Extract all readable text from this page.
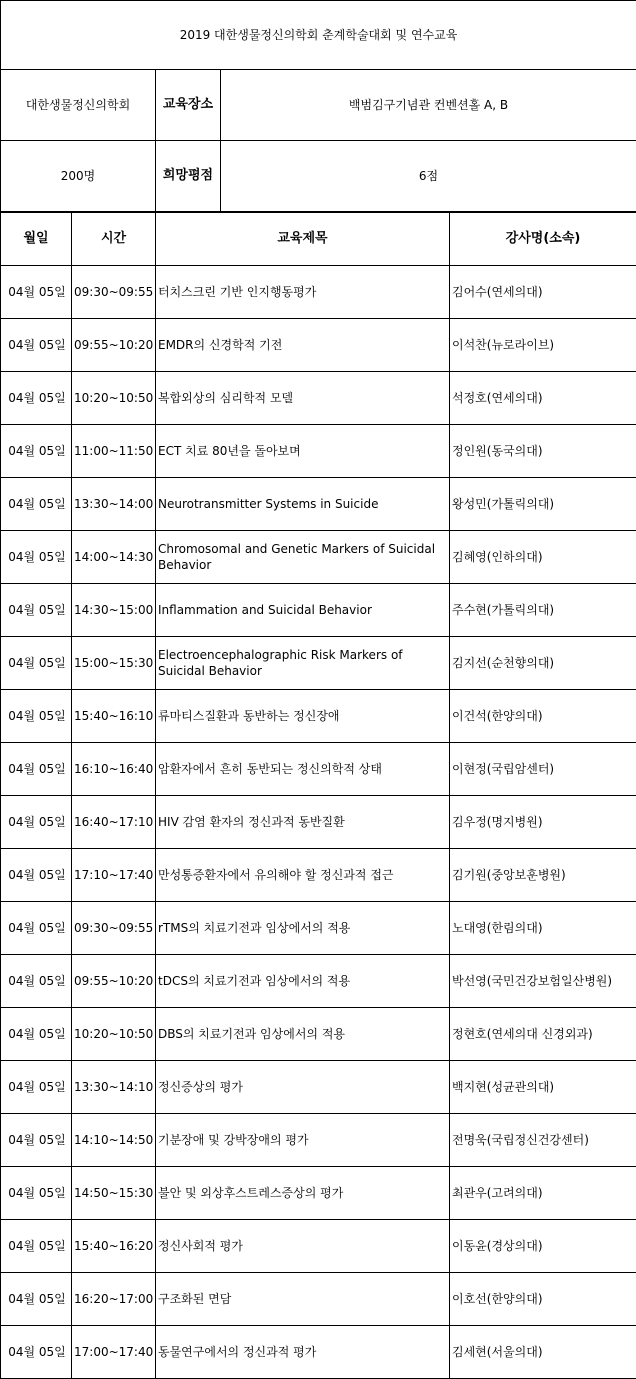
2019 대한생물정신의학회 춘계학술대회 및 연수교육		
대한생물정신의학회	교육장소	백범김구기념관 컨벤션홀 A, B
200명	희망평점	6점
월일	시간	교육제목	강사명(소속)
04월 05일	09:30~09:55	터치스크린 기반 인지행동평가	김어수(연세의대)
04월 05일	09:55~10:20	EMDR의 신경학적 기전	이석찬(뉴로라이브)
04월 05일	10:20~10:50	복합외상의 심리학적 모델	석정호(연세의대)
04월 05일	11:00~11:50	ECT 치료 80년을 돌아보며	정인원(동국의대)
04월 05일	13:30~14:00	Neurotransmitter Systems in Suicide	왕성민(가톨릭의대)
04월 05일	14:00~14:30	Chromosomal and Genetic Markers of Suicidal Behavior	김혜영(인하의대)
04월 05일	14:30~15:00	Inflammation and Suicidal Behavior	주수현(가톨릭의대)
04월 05일	15:00~15:30	Electroencephalographic Risk Markers of Suicidal Behavior	김지선(순천향의대)
04월 05일	15:40~16:10	류마티스질환과 동반하는 정신장애	이건석(한양의대)
04월 05일	16:10~16:40	암환자에서 흔히 동반되는 정신의학적 상태	이현정(국립암센터)
04월 05일	16:40~17:10	HIV 감염 환자의 정신과적 동반질환	김우정(명지병원)
04월 05일	17:10~17:40	만성통증환자에서 유의해야 할 정신과적 접근	김기원(중앙보훈병원)
04월 05일	09:30~09:55	rTMS의 치료기전과 임상에서의 적용	노대영(한림의대)
04월 05일	09:55~10:20	tDCS의 치료기전과 임상에서의 적용	박선영(국민건강보험일산병원)
04월 05일	10:20~10:50	DBS의 치료기전과 임상에서의 적용	정현호(연세의대 신경외과)
04월 05일	13:30~14:10	정신증상의 평가	백지현(성균관의대)
04월 05일	14:10~14:50	기분장애 및 강박장애의 평가	전명욱(국립정신건강센터)
04월 05일	14:50~15:30	불안 및 외상후스트레스증상의 평가	최관우(고려의대)
04월 05일	15:40~16:20	정신사회적 평가	이동윤(경상의대)
04월 05일	16:20~17:00	구조화된 면담	이호선(한양의대)
04월 05일	17:00~17:40	동물연구에서의 정신과적 평가	김세현(서울의대)
